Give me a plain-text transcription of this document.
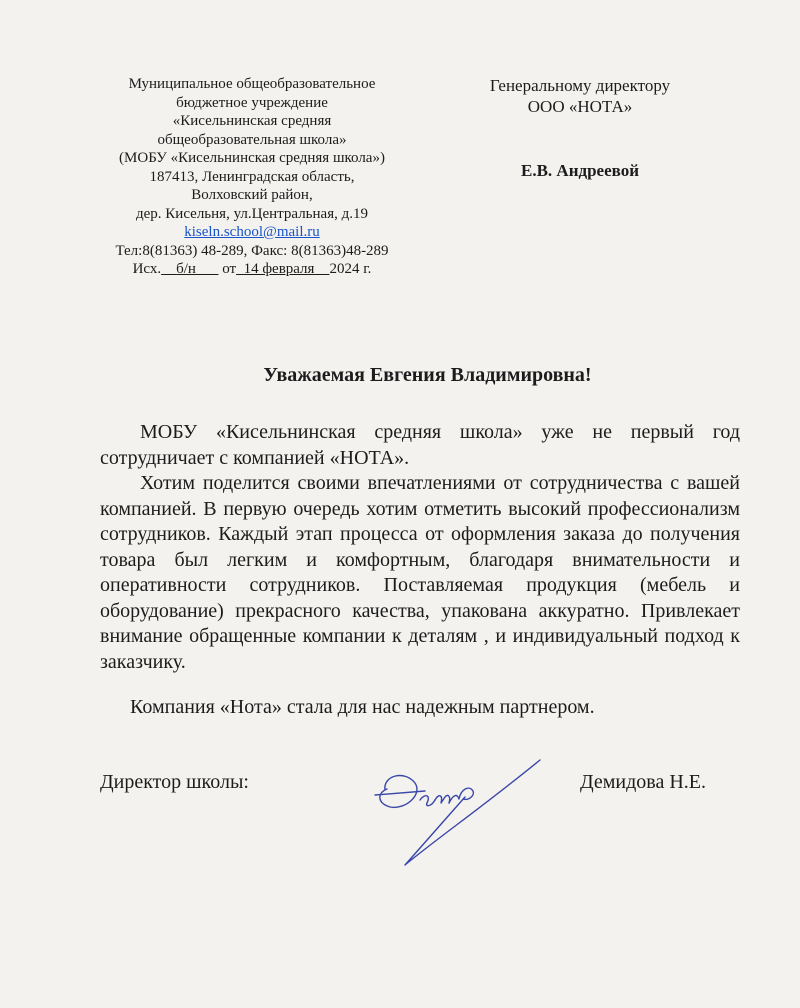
Муниципальное общеобразовательное
бюджетное учреждение
«Кисельнинская средняя
общеобразовательная школа»
(МОБУ «Кисельнинская средняя школа»)
187413, Ленинградская область,
Волховский район,
дер. Кисельня, ул.Центральная, д.19
kiseln.school@mail.ru
Тел:8(81363) 48-289, Факс: 8(81363)48-289
Исх. б/н от 14 февраля 2024 г.
Генеральному директору
ООО «НОТА»
Е.В. Андреевой
Уважаемая Евгения Владимировна!

МОБУ «Кисельнинская средняя школа» уже не первый год сотрудничает с компанией «НОТА».

Хотим поделится своими впечатлениями от сотрудничества с вашей компанией. В первую очередь хотим отметить высокий профессионализм сотрудников. Каждый этап процесса от оформления заказа до получения товара был легким и комфортным, благодаря внимательности и оперативности сотрудников. Поставляемая продукция (мебель и оборудование) прекрасного качества, упакована аккуратно. Привлекает внимание обращенные компании к деталям , и индивидуальный подход к заказчику.

Компания «Нота» стала для нас надежным партнером.

Директор школы:	Демидова Н.Е.
